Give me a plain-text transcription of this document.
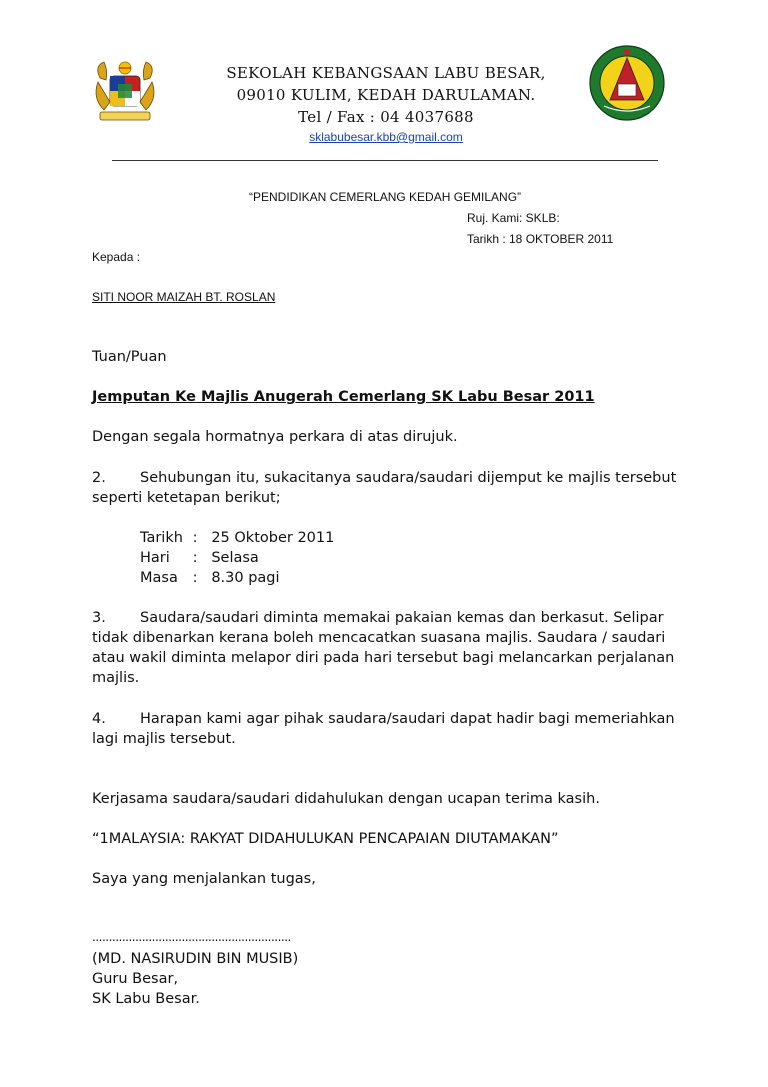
SEKOLAH KEBANGSAAN LABU BESAR,
09010 KULIM, KEDAH DARULAMAN.
Tel / Fax : 04 4037688
sklabubesar.kbb@gmail.com
“PENDIDIKAN CEMERLANG KEDAH GEMILANG”
Ruj. Kami: SKLB:
Tarikh : 18 OKTOBER 2011
Kepada :
SITI NOOR MAIZAH BT. ROSLAN
Tuan/Puan
Jemputan Ke Majlis Anugerah Cemerlang SK Labu Besar 2011
Dengan segala hormatnya perkara di atas dirujuk.
2. Sehubungan itu, sukacitanya saudara/saudari dijemput ke majlis tersebut
seperti ketetapan berikut;
Tarikh : 25 Oktober 2011
Hari : Selasa
Masa : 8.30 pagi
3. Saudara/saudari diminta memakai pakaian kemas dan berkasut. Selipar
tidak dibenarkan kerana boleh mencacatkan suasana majlis. Saudara / saudari
atau wakil diminta melapor diri pada hari tersebut bagi melancarkan perjalanan
majlis.
4. Harapan kami agar pihak saudara/saudari dapat hadir bagi memeriahkan
lagi majlis tersebut.
Kerjasama saudara/saudari didahulukan dengan ucapan terima kasih.
“1MALAYSIA: RAKYAT DIDAHULUKAN PENCAPAIAN DIUTAMAKAN”
Saya yang menjalankan tugas,
............................................................
(MD. NASIRUDIN BIN MUSIB)
Guru Besar,
SK Labu Besar.
